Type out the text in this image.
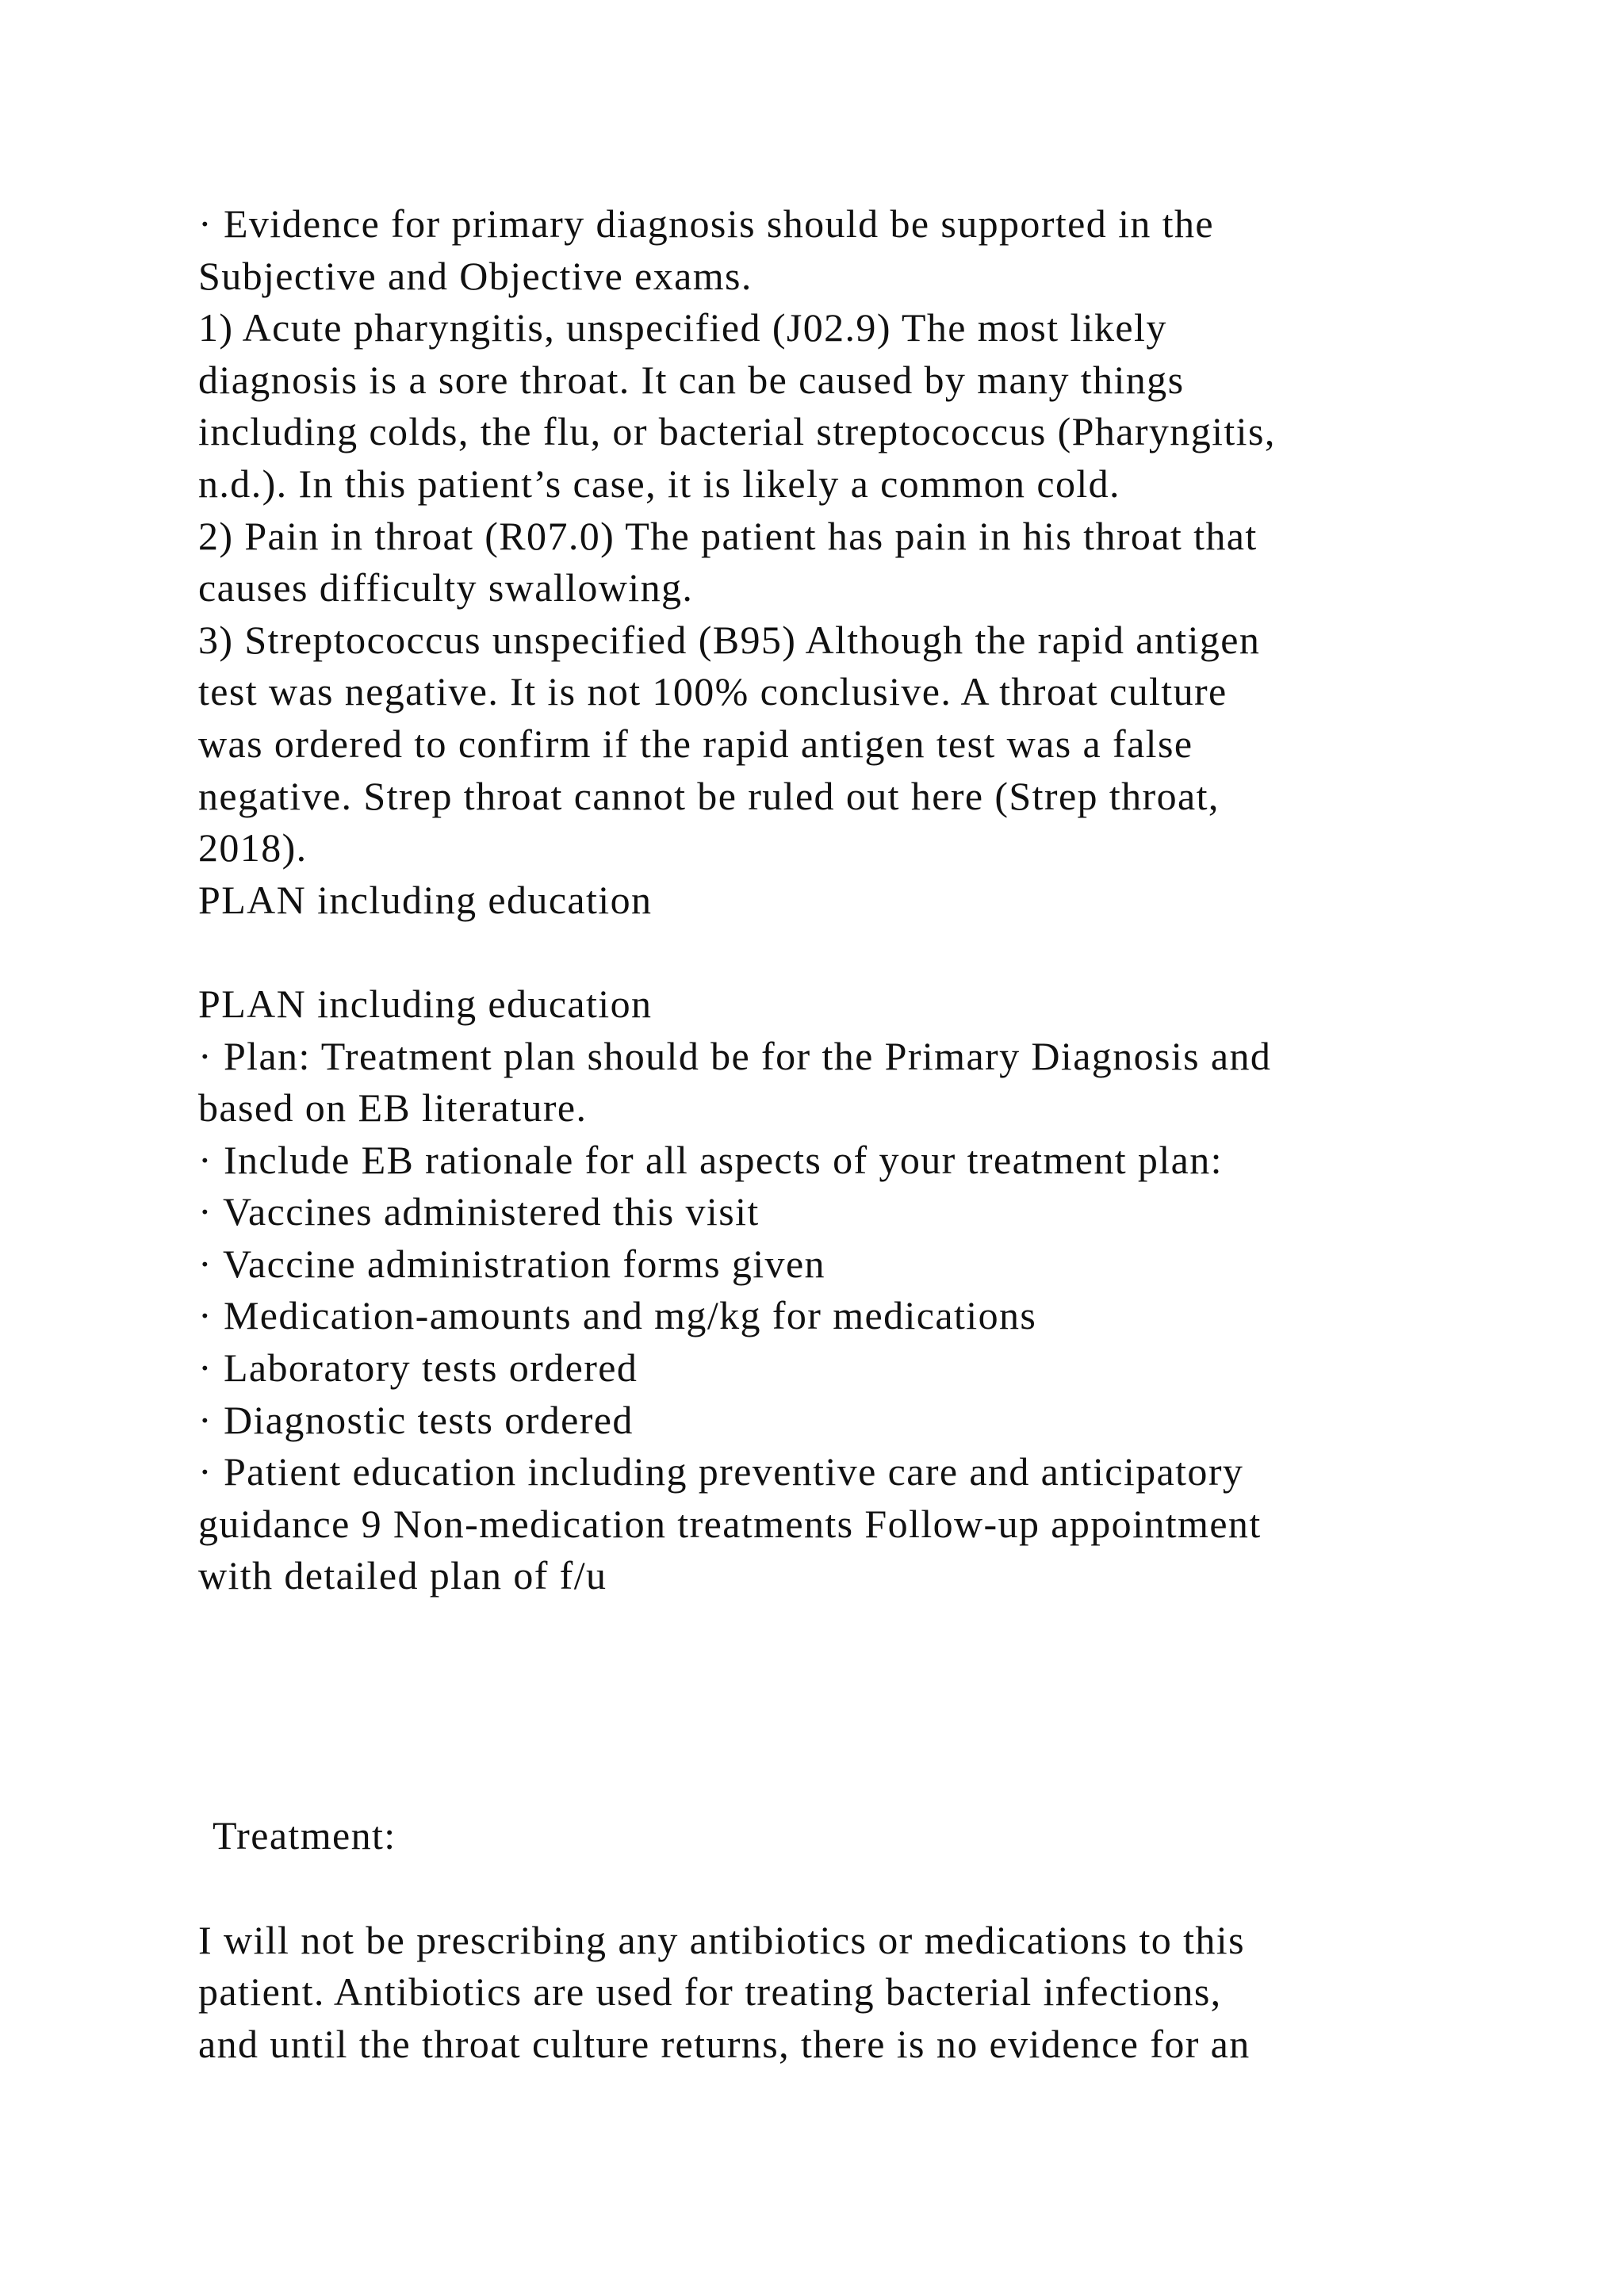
· Evidence for primary diagnosis should be supported in the
Subjective and Objective exams.
1) Acute pharyngitis, unspecified (J02.9) The most likely
diagnosis is a sore throat. It can be caused by many things
including colds, the flu, or bacterial streptococcus (Pharyngitis,
n.d.). In this patient’s case, it is likely a common cold.
2) Pain in throat (R07.0) The patient has pain in his throat that
causes difficulty swallowing.
3) Streptococcus unspecified (B95) Although the rapid antigen
test was negative. It is not 100% conclusive. A throat culture
was ordered to confirm if the rapid antigen test was a false
negative. Strep throat cannot be ruled out here (Strep throat,
2018).
PLAN including education
PLAN including education
· Plan: Treatment plan should be for the Primary Diagnosis and
based on EB literature.
· Include EB rationale for all aspects of your treatment plan:
· Vaccines administered this visit
· Vaccine administration forms given
· Medication-amounts and mg/kg for medications
· Laboratory tests ordered
· Diagnostic tests ordered
· Patient education including preventive care and anticipatory
guidance 9 Non-medication treatments Follow-up appointment
with detailed plan of f/u
Treatment:
I will not be prescribing any antibiotics or medications to this
patient. Antibiotics are used for treating bacterial infections,
and until the throat culture returns, there is no evidence for an
